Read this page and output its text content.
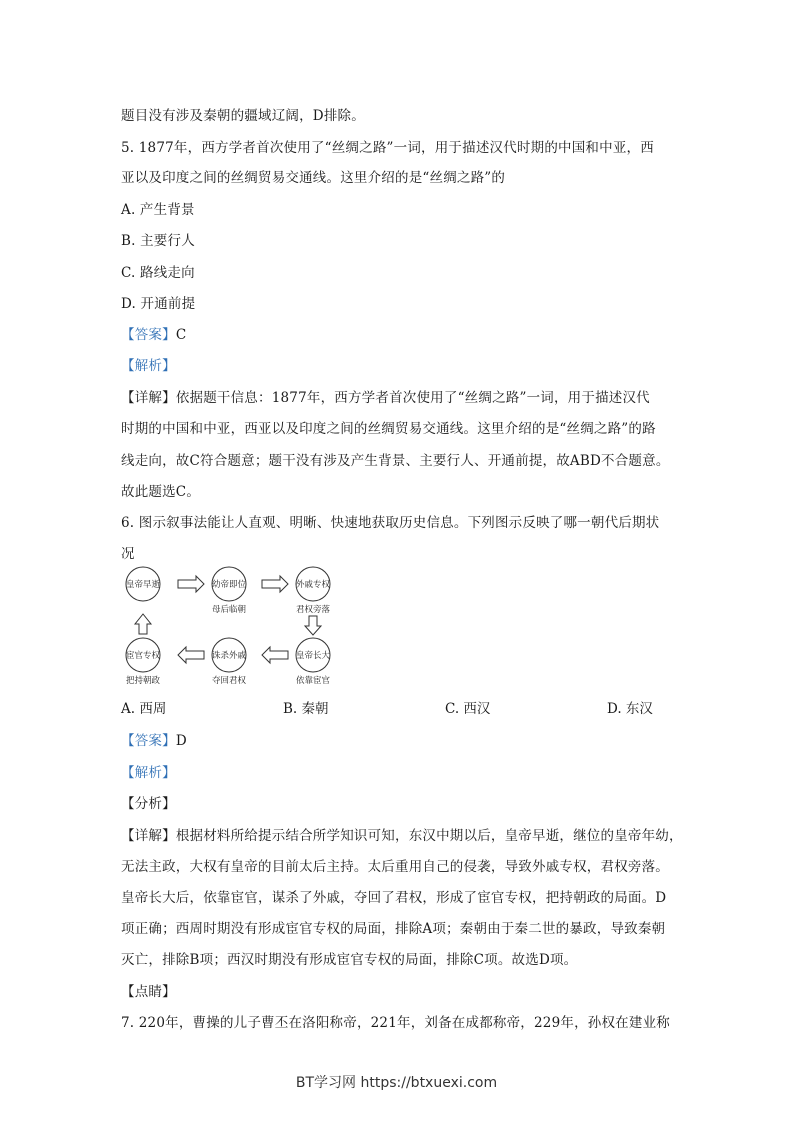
题目没有涉及秦朝的疆域辽阔，D排除。
5. 1877年，西方学者首次使用了“丝绸之路”一词，用于描述汉代时期的中国和中亚，西
亚以及印度之间的丝绸贸易交通线。这里介绍的是“丝绸之路”的
A. 产生背景
B. 主要行人
C. 路线走向
D. 开通前提
【答案】C
【解析】
【详解】依据题干信息：1877年，西方学者首次使用了“丝绸之路”一词，用于描述汉代
时期的中国和中亚，西亚以及印度之间的丝绸贸易交通线。这里介绍的是“丝绸之路”的路
线走向，故C符合题意；题干没有涉及产生背景、主要行人、开通前提，故ABD不合题意。
故此题选C。
6. 图示叙事法能让人直观、明晰、快速地获取历史信息。下列图示反映了哪一朝代后期状
况
皇帝早逝	幼帝即位
母后临朝
外戚专权
君权旁落
宦官专权
把持朝政
诛杀外戚
夺回君权
皇帝长大
依靠宦官
A. 西周	B. 秦朝	C. 西汉	D. 东汉
【答案】D
【解析】
【分析】
【详解】根据材料所给提示结合所学知识可知，东汉中期以后，皇帝早逝，继位的皇帝年幼，
无法主政，大权有皇帝的目前太后主持。太后重用自己的侵袭，导致外戚专权，君权旁落。
皇帝长大后，依靠宦官，谋杀了外戚，夺回了君权，形成了宦官专权，把持朝政的局面。D
项正确；西周时期没有形成宦官专权的局面，排除A项；秦朝由于秦二世的暴政，导致秦朝
灭亡，排除B项；西汉时期没有形成宦官专权的局面，排除C项。故选D项。
【点睛】
7. 220年，曹操的儿子曹丕在洛阳称帝，221年，刘备在成都称帝，229年，孙权在建业称
BT学习网 https://btxuexi.com
